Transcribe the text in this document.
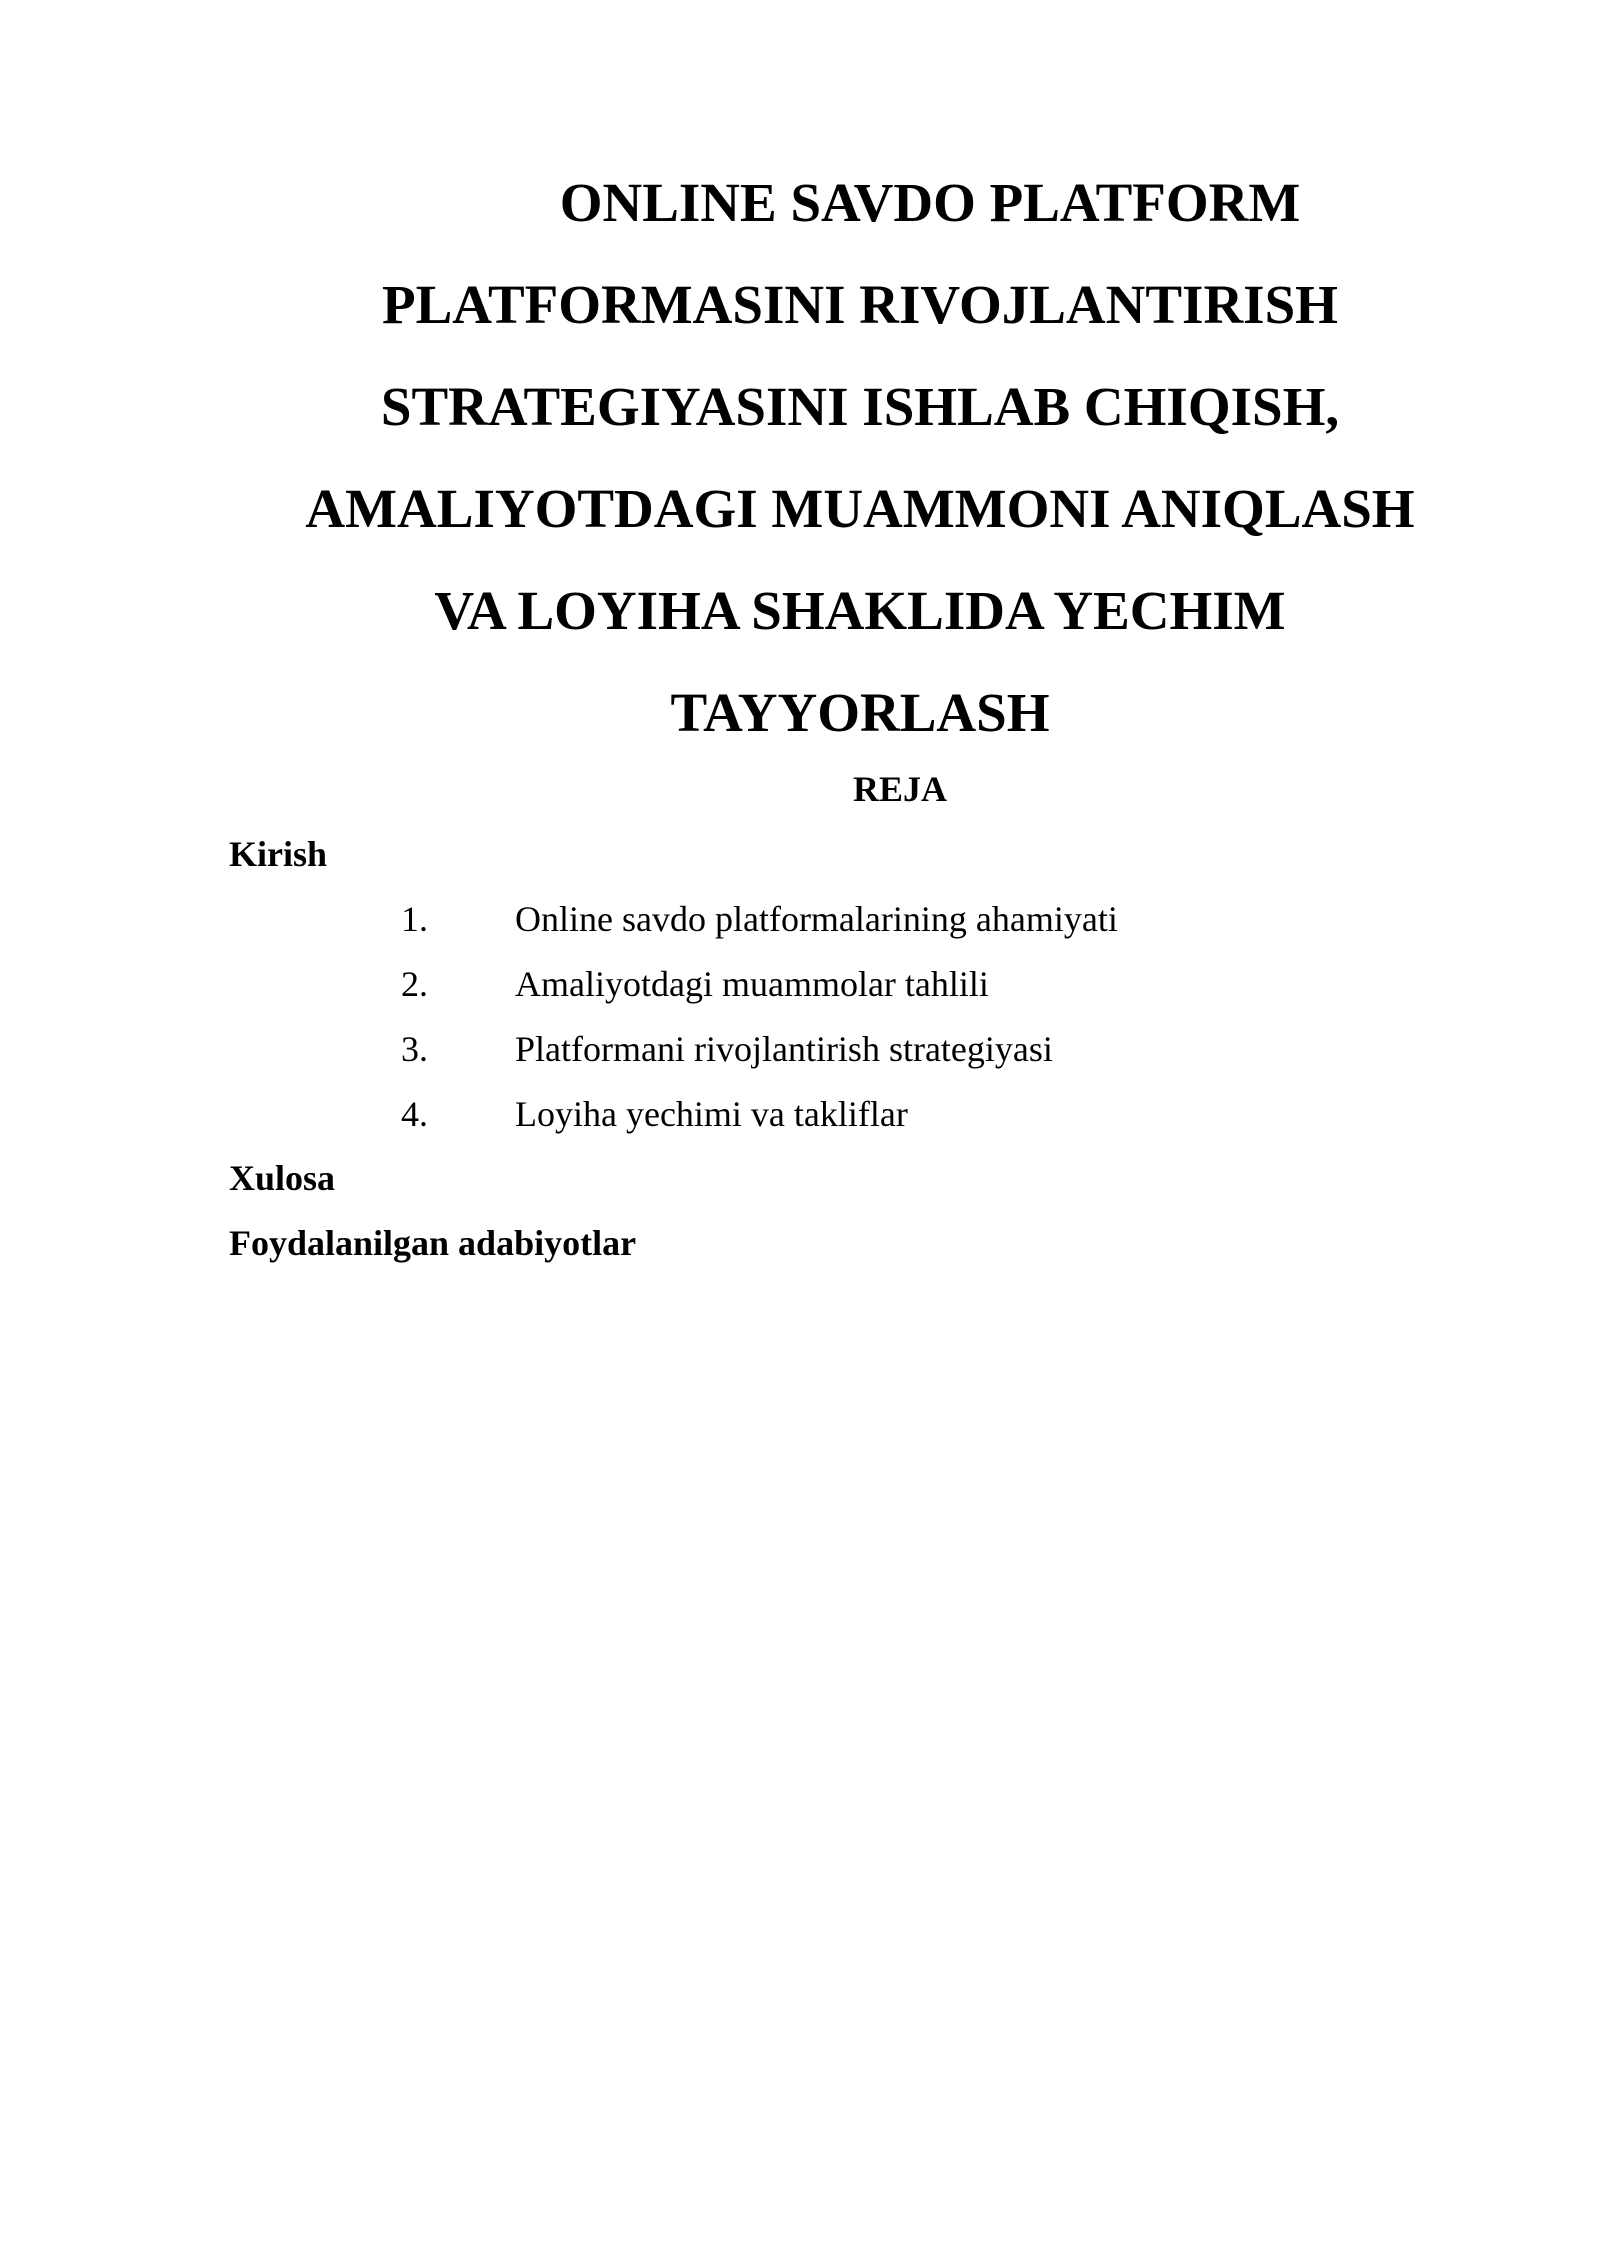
ONLINE SAVDO PLATFORM
PLATFORMASINI RIVOJLANTIRISH
STRATEGIYASINI ISHLAB CHIQISH,
AMALIYOTDAGI MUAMMONI ANIQLASH
VA LOYIHA SHAKLIDA YECHIM
TAYYORLASH
REJA
Kirish
1. Online savdo platformalarining ahamiyati
2. Amaliyotdagi muammolar tahlili
3. Platformani rivojlantirish strategiyasi
4. Loyiha yechimi va takliflar
Xulosa
Foydalanilgan adabiyotlar
